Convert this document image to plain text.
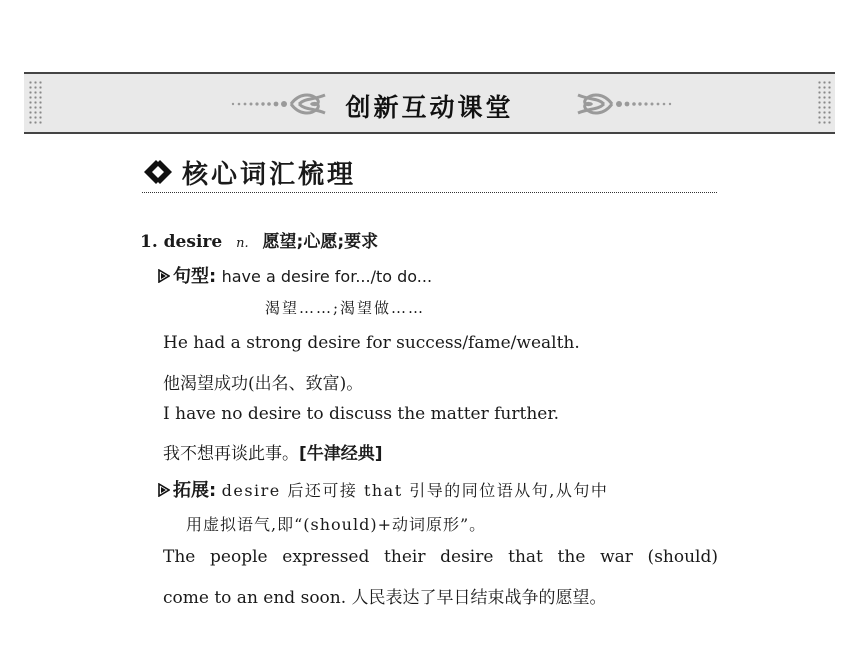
创新互动课堂
核心词汇梳理
1. desire n. 愿望;心愿;要求
句型: have a desire for.../to do...
渴望……;渴望做……
He had a strong desire for success/fame/wealth.
他渴望成功(出名、致富)。
I have no desire to discuss the matter further.
我不想再谈此事。[牛津经典]
拓展: desire 后还可接 that 引导的同位语从句,从句中
用虚拟语气,即“(should)+动词原形”。
The people expressed their desire that the war (should)
come to an end soon. 人民表达了早日结束战争的愿望。
